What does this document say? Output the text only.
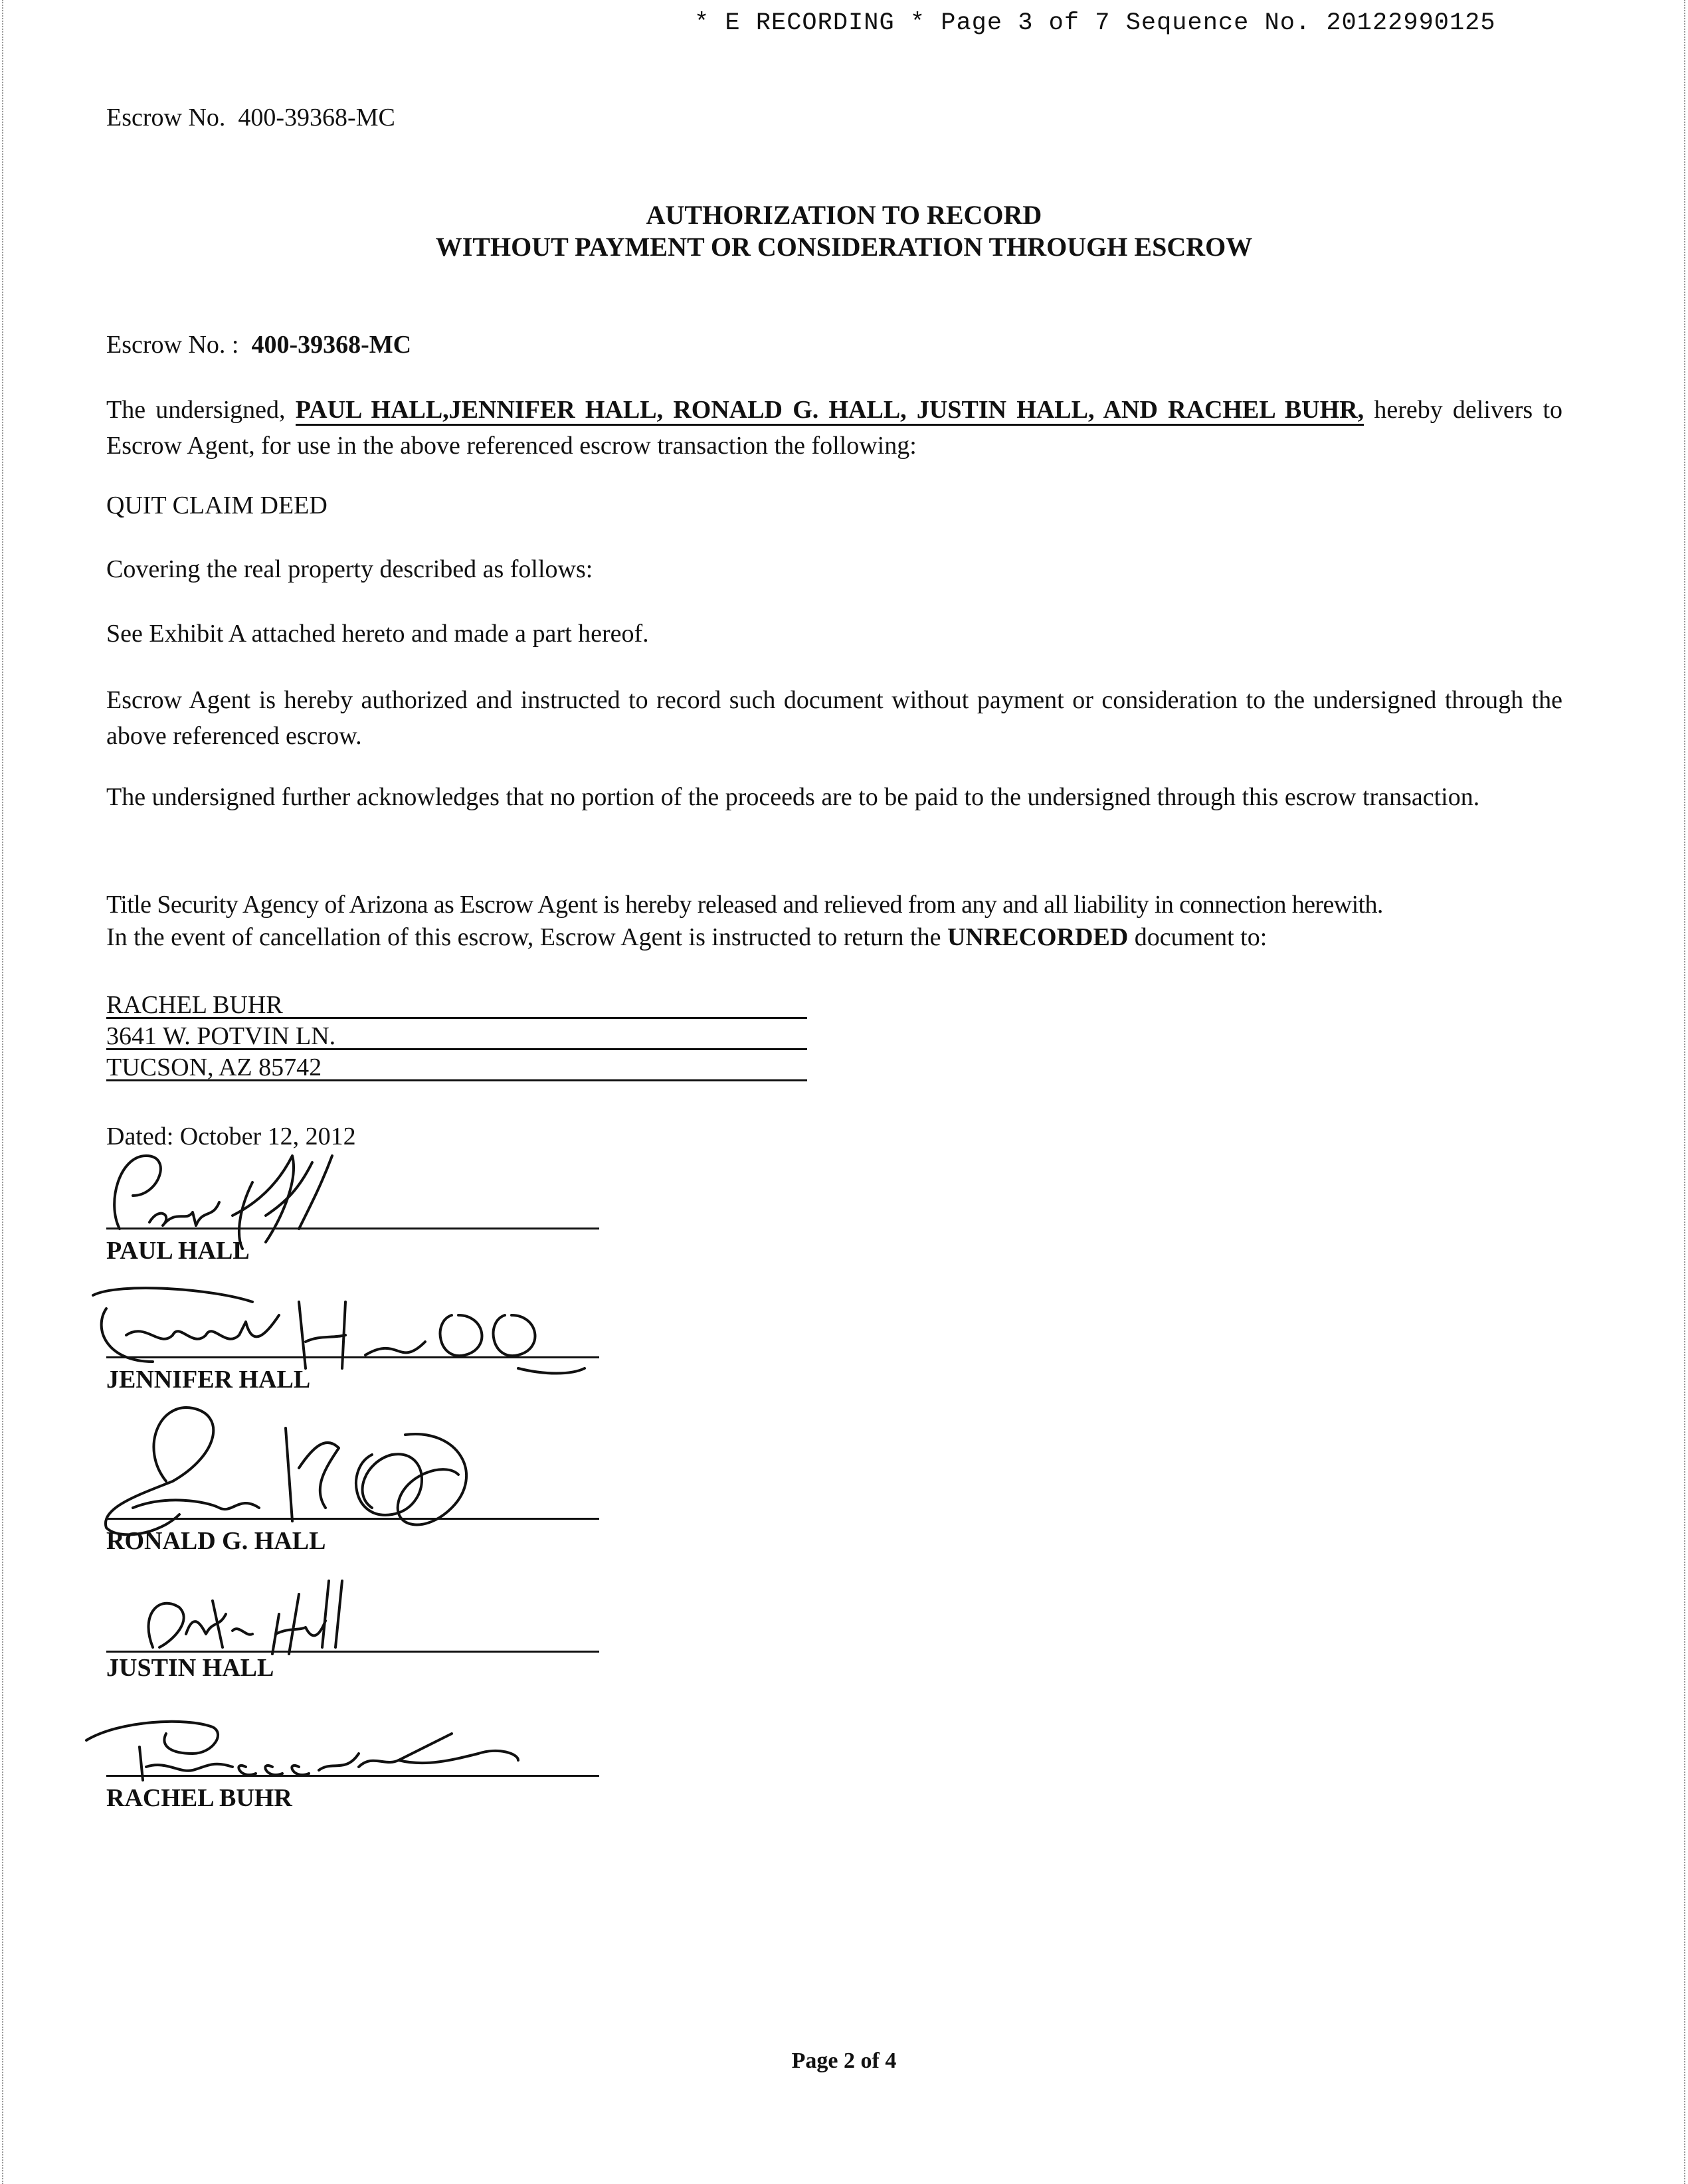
* E RECORDING * Page 3 of 7 Sequence No. 20122990125
Escrow No. 400-39368-MC
AUTHORIZATION TO RECORD
WITHOUT PAYMENT OR CONSIDERATION THROUGH ESCROW
Escrow No. : 400-39368-MC
The undersigned, PAUL HALL,JENNIFER HALL, RONALD G. HALL, JUSTIN HALL, AND RACHEL BUHR, hereby delivers to Escrow Agent, for use in the above referenced escrow transaction the following:
QUIT CLAIM DEED
Covering the real property described as follows:
See Exhibit A attached hereto and made a part hereof.
Escrow Agent is hereby authorized and instructed to record such document without payment or consideration to the undersigned through the above referenced escrow.
The undersigned further acknowledges that no portion of the proceeds are to be paid to the undersigned through this escrow transaction.
Title Security Agency of Arizona as Escrow Agent is hereby released and relieved from any and all liability in connection herewith.
In the event of cancellation of this escrow, Escrow Agent is instructed to return the UNRECORDED document to:
RACHEL BUHR
3641 W. POTVIN LN.
TUCSON, AZ 85742
Dated: October 12, 2012
PAUL HALL
JENNIFER HALL
RONALD G. HALL
JUSTIN HALL
RACHEL BUHR
Page 2 of 4
